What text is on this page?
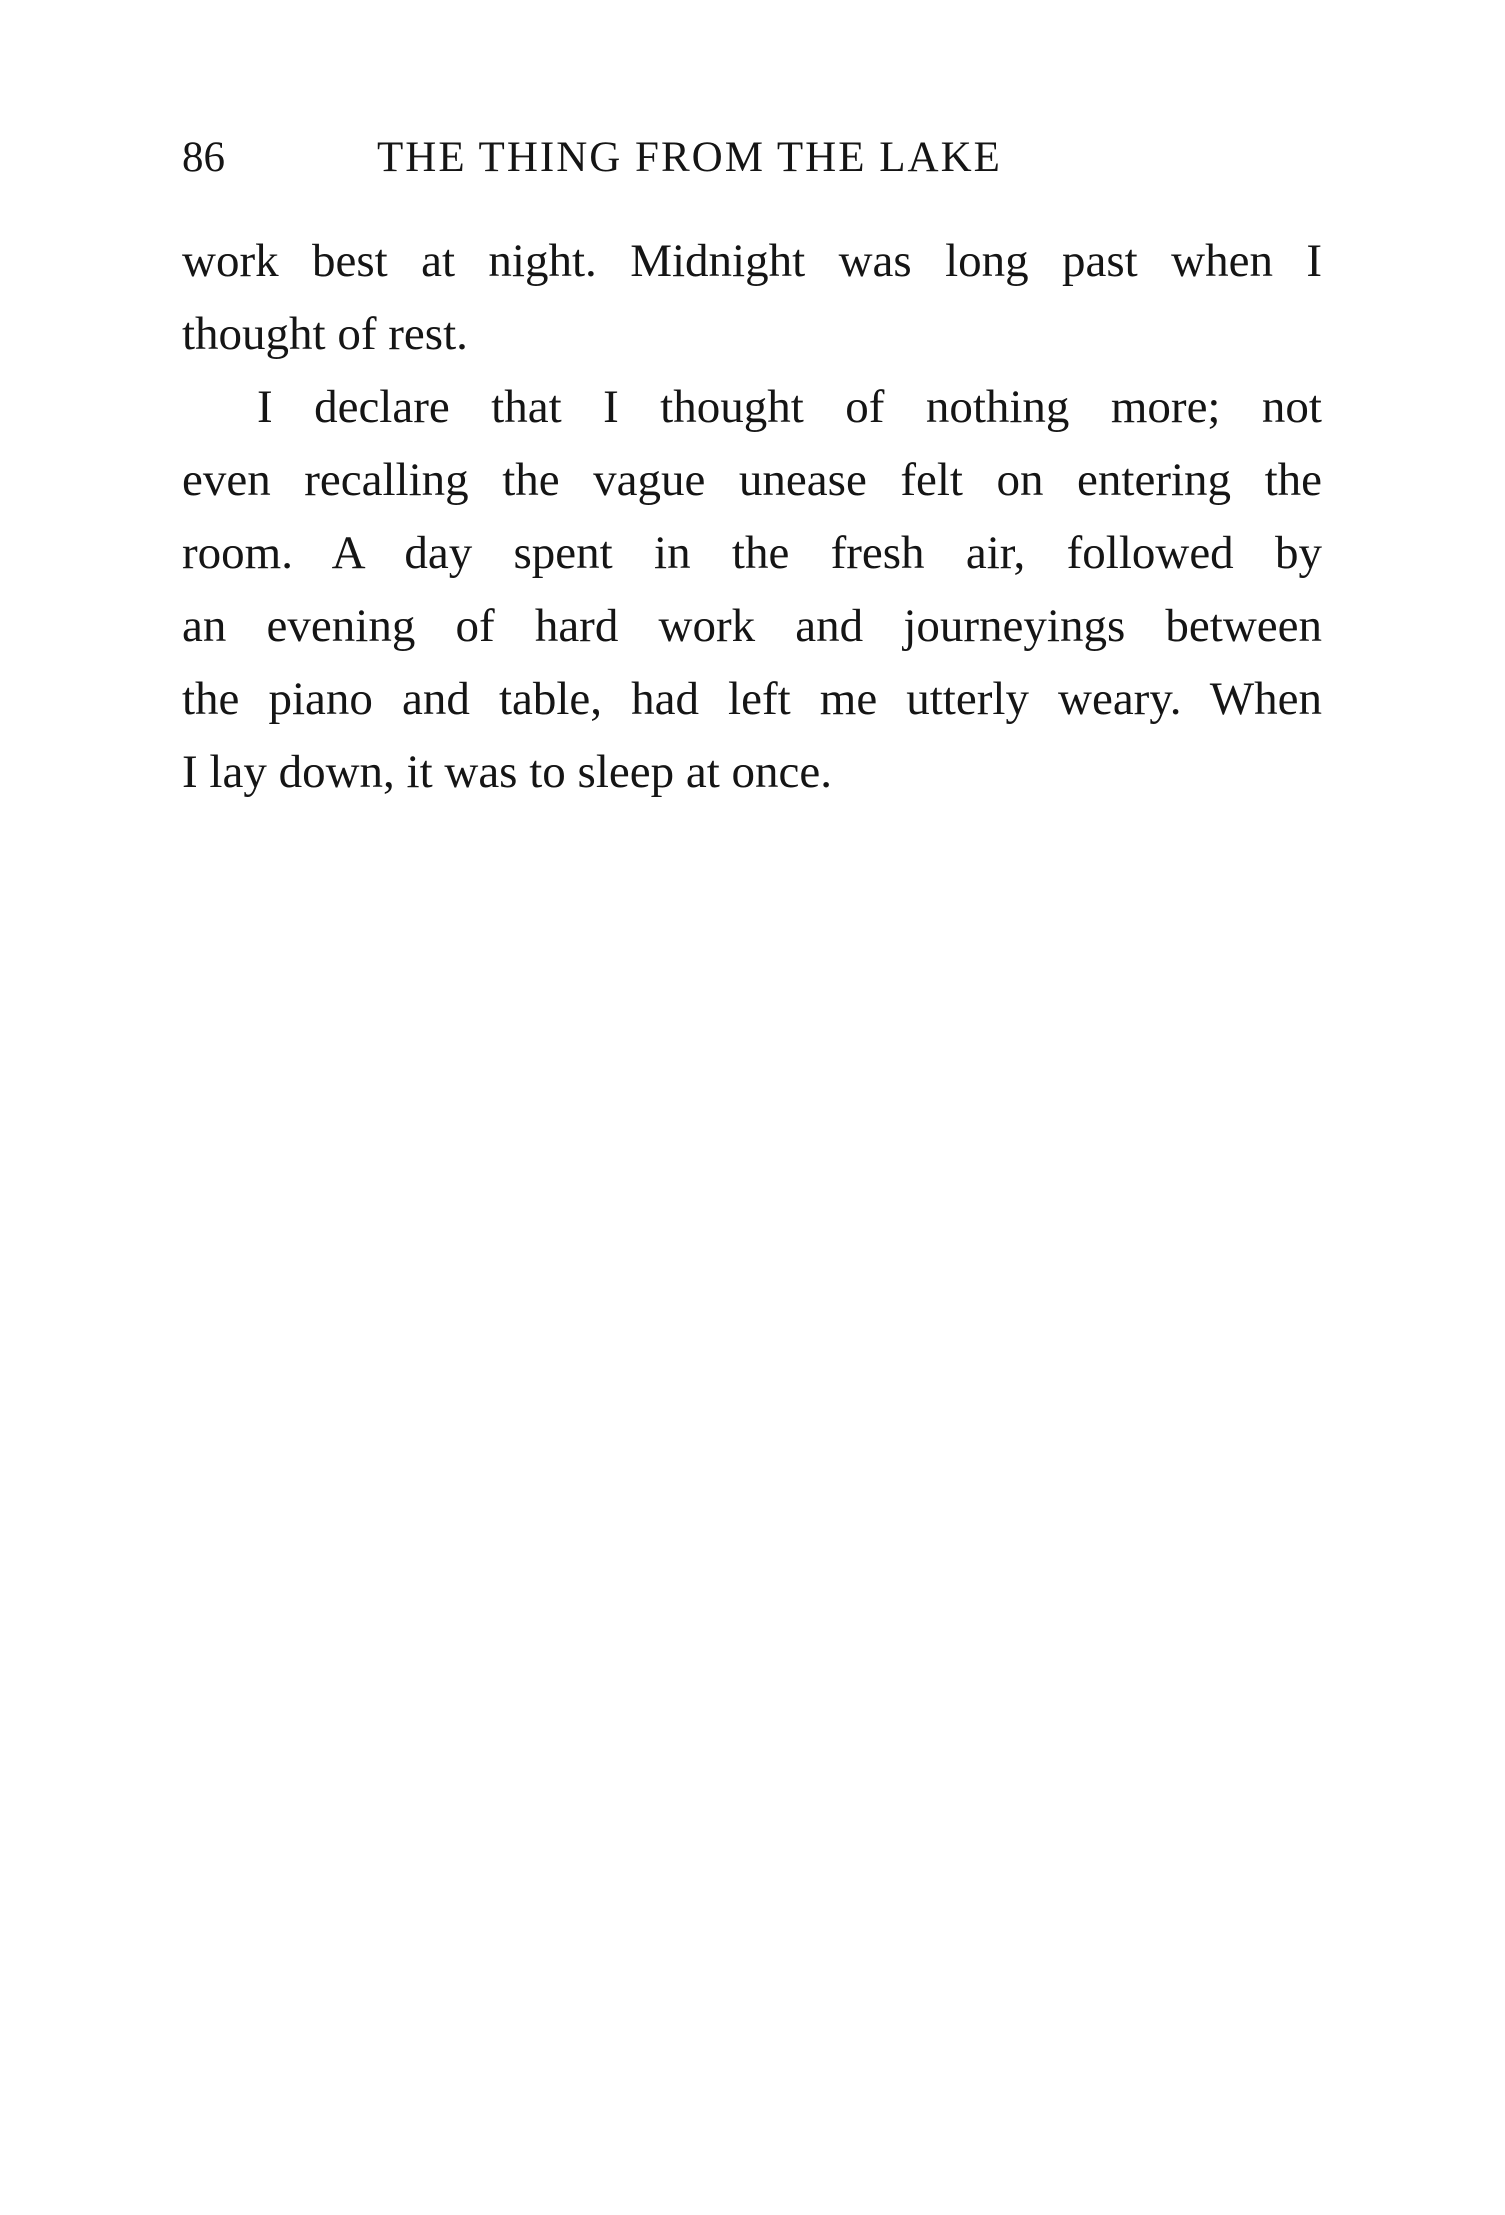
86	THE THING FROM THE LAKE
work best at night. Midnight was long past when I
thought of rest.
I declare that I thought of nothing more; not
even recalling the vague unease felt on entering the
room. A day spent in the fresh air, followed by
an evening of hard work and journeyings between
the piano and table, had left me utterly weary. When
I lay down, it was to sleep at once.
